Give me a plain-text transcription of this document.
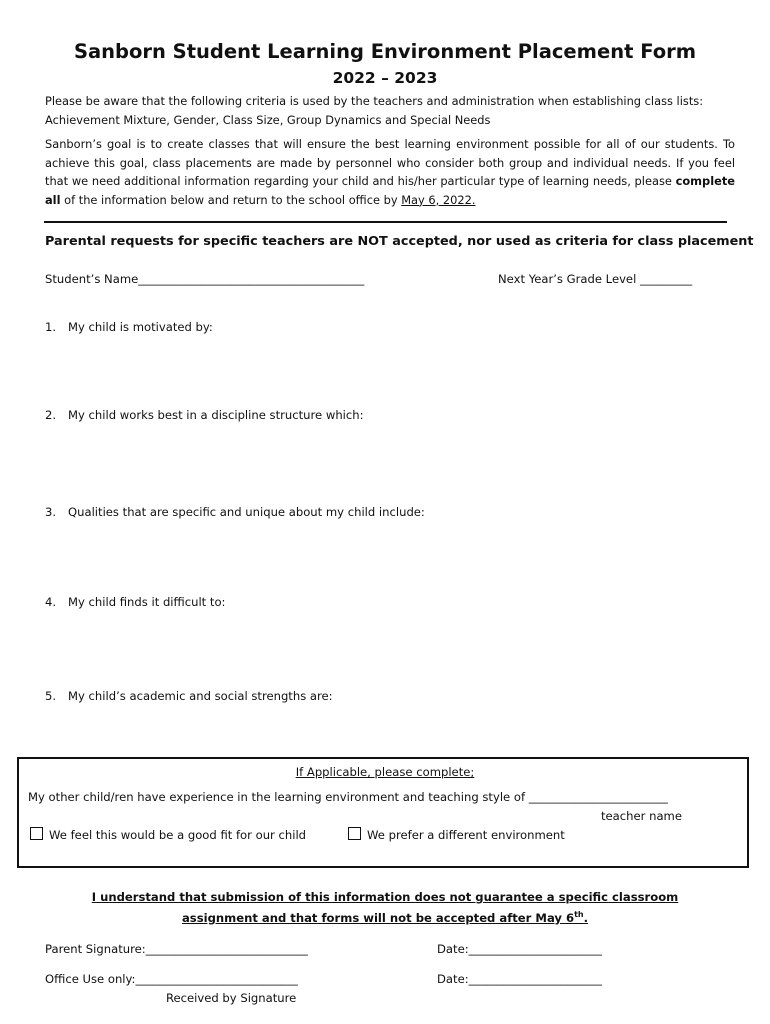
Sanborn Student Learning Environment Placement Form
2022 – 2023
Please be aware that the following criteria is used by the teachers and administration when establishing class lists:
Achievement Mixture, Gender, Class Size, Group Dynamics and Special Needs
Sanborn’s goal is to create classes that will ensure the best learning environment possible for all of our students. To achieve this goal, class placements are made by personnel who consider both group and individual needs. If you feel that we need additional information regarding your child and his/her particular type of learning needs, please complete all of the information below and return to the school office by May 6, 2022.
Parental requests for specific teachers are NOT accepted, nor used as criteria for class placement
Student’s Name_______________________________________	Next Year’s Grade Level _________
1. My child is motivated by:
2. My child works best in a discipline structure which:
3. Qualities that are specific and unique about my child include:
4. My child finds it difficult to:
5. My child’s academic and social strengths are:
If Applicable, please complete;
My other child/ren have experience in the learning environment and teaching style of ________________________
teacher name
We feel this would be a good fit for our child	We prefer a different environment
I understand that submission of this information does not guarantee a specific classroom
assignment and that forms will not be accepted after May 6th.
Parent Signature:____________________________	Date:_______________________
Office Use only:____________________________	Date:_______________________
Received by Signature
